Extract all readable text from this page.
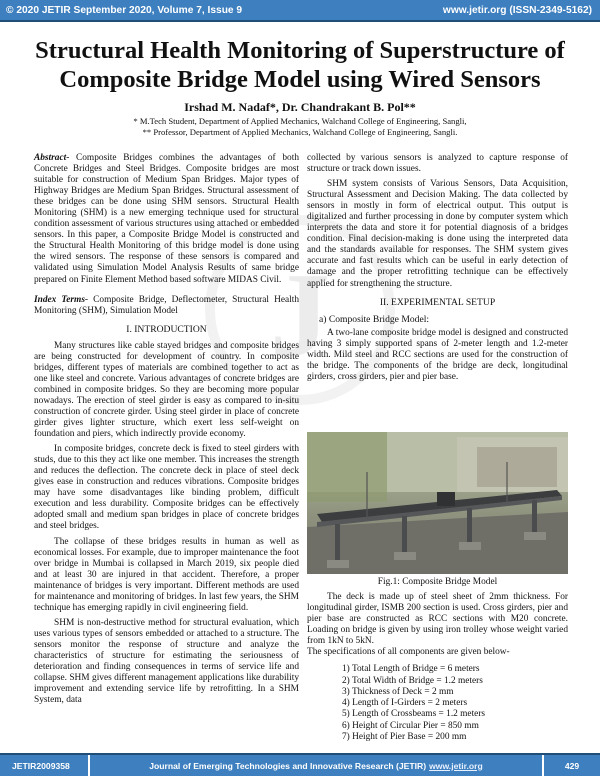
© 2020 JETIR September 2020, Volume 7, Issue 9	www.jetir.org (ISSN-2349-5162)
J
Structural Health Monitoring of Superstructure of Composite Bridge Model using Wired Sensors
Irshad M. Nadaf*, Dr. Chandrakant B. Pol**
* M.Tech Student, Department of Applied Mechanics, Walchand College of Engineering, Sangli,
** Professor, Department of Applied Mechanics, Walchand College of Engineering, Sangli.

Abstract- Composite Bridges combines the advantages of both Concrete Bridges and Steel Bridges. Composite bridges are most suitable for construction of Medium Span Bridges. Major types of Highway Bridges are Medium Span Bridges. Structural assessment of these bridges can be done using SHM sensors. Structural Health Monitoring (SHM) is a new emerging technique used for structural condition assessment of various structures using attached or embedded sensors. In this paper, a Composite Bridge Model is constructed and the Structural Health Monitoring of this bridge model is done using the wired sensors. The response of these sensors is compared and validated using Simulation Model Analysis Results of same bridge prepared on Finite Element Method based software MIDAS Civil.

Index Terms- Composite Bridge, Deflectometer, Structural Health Monitoring (SHM), Simulation Model

I. INTRODUCTION

Many structures like cable stayed bridges and composite bridges are being constructed for development of country. In composite bridges, different types of materials are combined together to act as one like steel and concrete. Various advantages of concrete bridges are combined in composite bridges. So they are becoming more popular nowadays. The erection of steel girder is easy as compared to in-situ construction of concrete girder. Using steel girder in place of concrete girder gives lighter structure, which exert less self-weight on foundation and piers, which indirectly provide economy.

In composite bridges, concrete deck is fixed to steel girders with studs, due to this they act like one member. This increases the strength and reduces the deflection. The concrete deck in place of steel deck gives ease in construction and reduces vibrations. Composite bridges may have some disadvantages like binding problem, difficult execution and less durability. Composite bridges can be effectively adopted small and medium span bridges in place of concrete bridges and steel bridges.

The collapse of these bridges results in human as well as economical losses. For example, due to improper maintenance the foot over bridge in Mumbai is collapsed in March 2019, six people died and at least 30 are injured in that accident. Therefore, a proper maintenance of bridges is very important. Different methods are used for maintenance and monitoring of bridges. In last few years, the SHM technique has emerging rapidly in civil engineering field.

SHM is non-destructive method for structural evaluation, which uses various types of sensors embedded or attached to a structure. The sensors monitor the response of structure and analyze the characteristics of structure for estimating the seriousness of deterioration and finding consequences in terms of service life and collapse. SHM gives different management applications like durability improvement and extending service life by retrofitting. In a SHM System, data

collected by various sensors is analyzed to capture response of structure or track down issues.

SHM system consists of Various Sensors, Data Acquisition, Structural Assessment and Decision Making. The data collected by sensors in mostly in form of electrical output. This output is digitalized and further processing in done by computer system which interprets the data and store it for potential diagnosis of a bridges condition. Final decision-making is done using the interpreted data and the standards available for responses. The SHM system gives accurate and fast results which can be useful in early detection of damage and the proper retrofitting technique can be effectively applied for strengthening the structure.

II. EXPERIMENTAL SETUP
a) Composite Bridge Model:

A two-lane composite bridge model is designed and constructed having 3 simply supported spans of 2-meter length and 1.2-meter width. Mild steel and RCC sections are used for the construction of the bridge. The components of the bridge are deck, longitudinal girders, cross girders, pier and pier base.

Fig.1: Composite Bridge Model

The deck is made up of steel sheet of 2mm thickness. For longitudinal girder, ISMB 200 section is used. Cross girders, pier and pier base are constructed as RCC sections with M20 concrete. Loading on bridge is given by using iron trolley whose weight varied from 1kN to 5kN.

The specifications of all components are given below-

1) Total Length of Bridge = 6 meters
2) Total Width of Bridge = 1.2 meters
3) Thickness of Deck = 2 mm
4) Length of I-Girders = 2 meters
5) Length of Crossbeams = 1.2 meters
6) Height of Circular Pier = 850 mm
7) Height of Pier Base = 200 mm
JETIR2009358	Journal of Emerging Technologies and Innovative Research (JETIR) www.jetir.org	429
